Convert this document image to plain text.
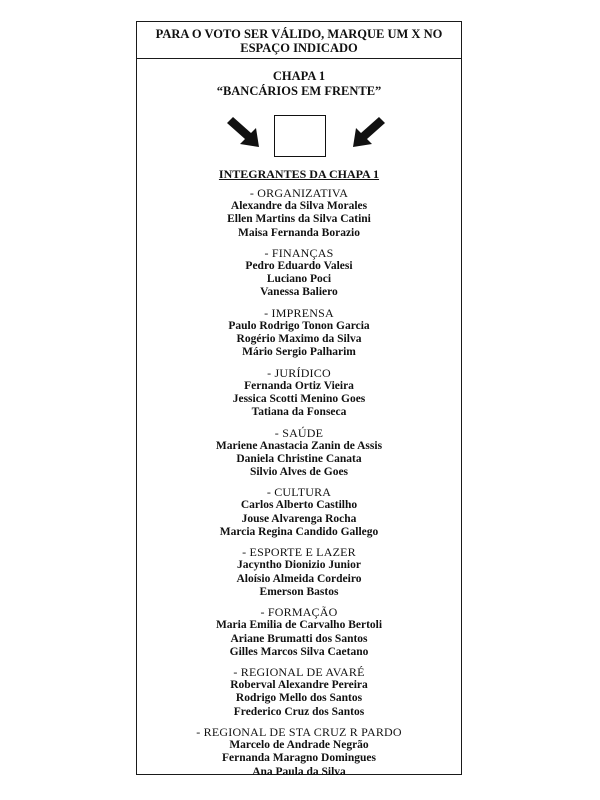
PARA O VOTO SER VÁLIDO, MARQUE UM X NO
ESPAÇO INDICADO
CHAPA 1
“BANCÁRIOS EM FRENTE”
INTEGRANTES DA CHAPA 1
- ORGANIZATIVA
Alexandre da Silva Morales
Ellen Martins da Silva Catini
Maisa Fernanda Borazio
- FINANÇAS
Pedro Eduardo Valesi
Luciano Poci
Vanessa Baliero
- IMPRENSA
Paulo Rodrigo Tonon Garcia
Rogério Maximo da Silva
Mário Sergio Palharim
- JURÍDICO
Fernanda Ortiz Vieira
Jessica Scotti Menino Goes
Tatiana da Fonseca
- SAÚDE
Mariene Anastacia Zanin de Assis
Daniela Christine Canata
Silvio Alves de Goes
- CULTURA
Carlos Alberto Castilho
Jouse Alvarenga Rocha
Marcia Regina Candido Gallego
- ESPORTE E LAZER
Jacyntho Dionizio Junior
Aloísio Almeida Cordeiro
Emerson Bastos
- FORMAÇÃO
Maria Emilia de Carvalho Bertoli
Ariane Brumatti dos Santos
Gilles Marcos Silva Caetano
- REGIONAL DE AVARÉ
Roberval Alexandre Pereira
Rodrigo Mello dos Santos
Frederico Cruz dos Santos
- REGIONAL DE STA CRUZ R PARDO
Marcelo de Andrade Negrão
Fernanda Maragno Domingues
Ana Paula da Silva
